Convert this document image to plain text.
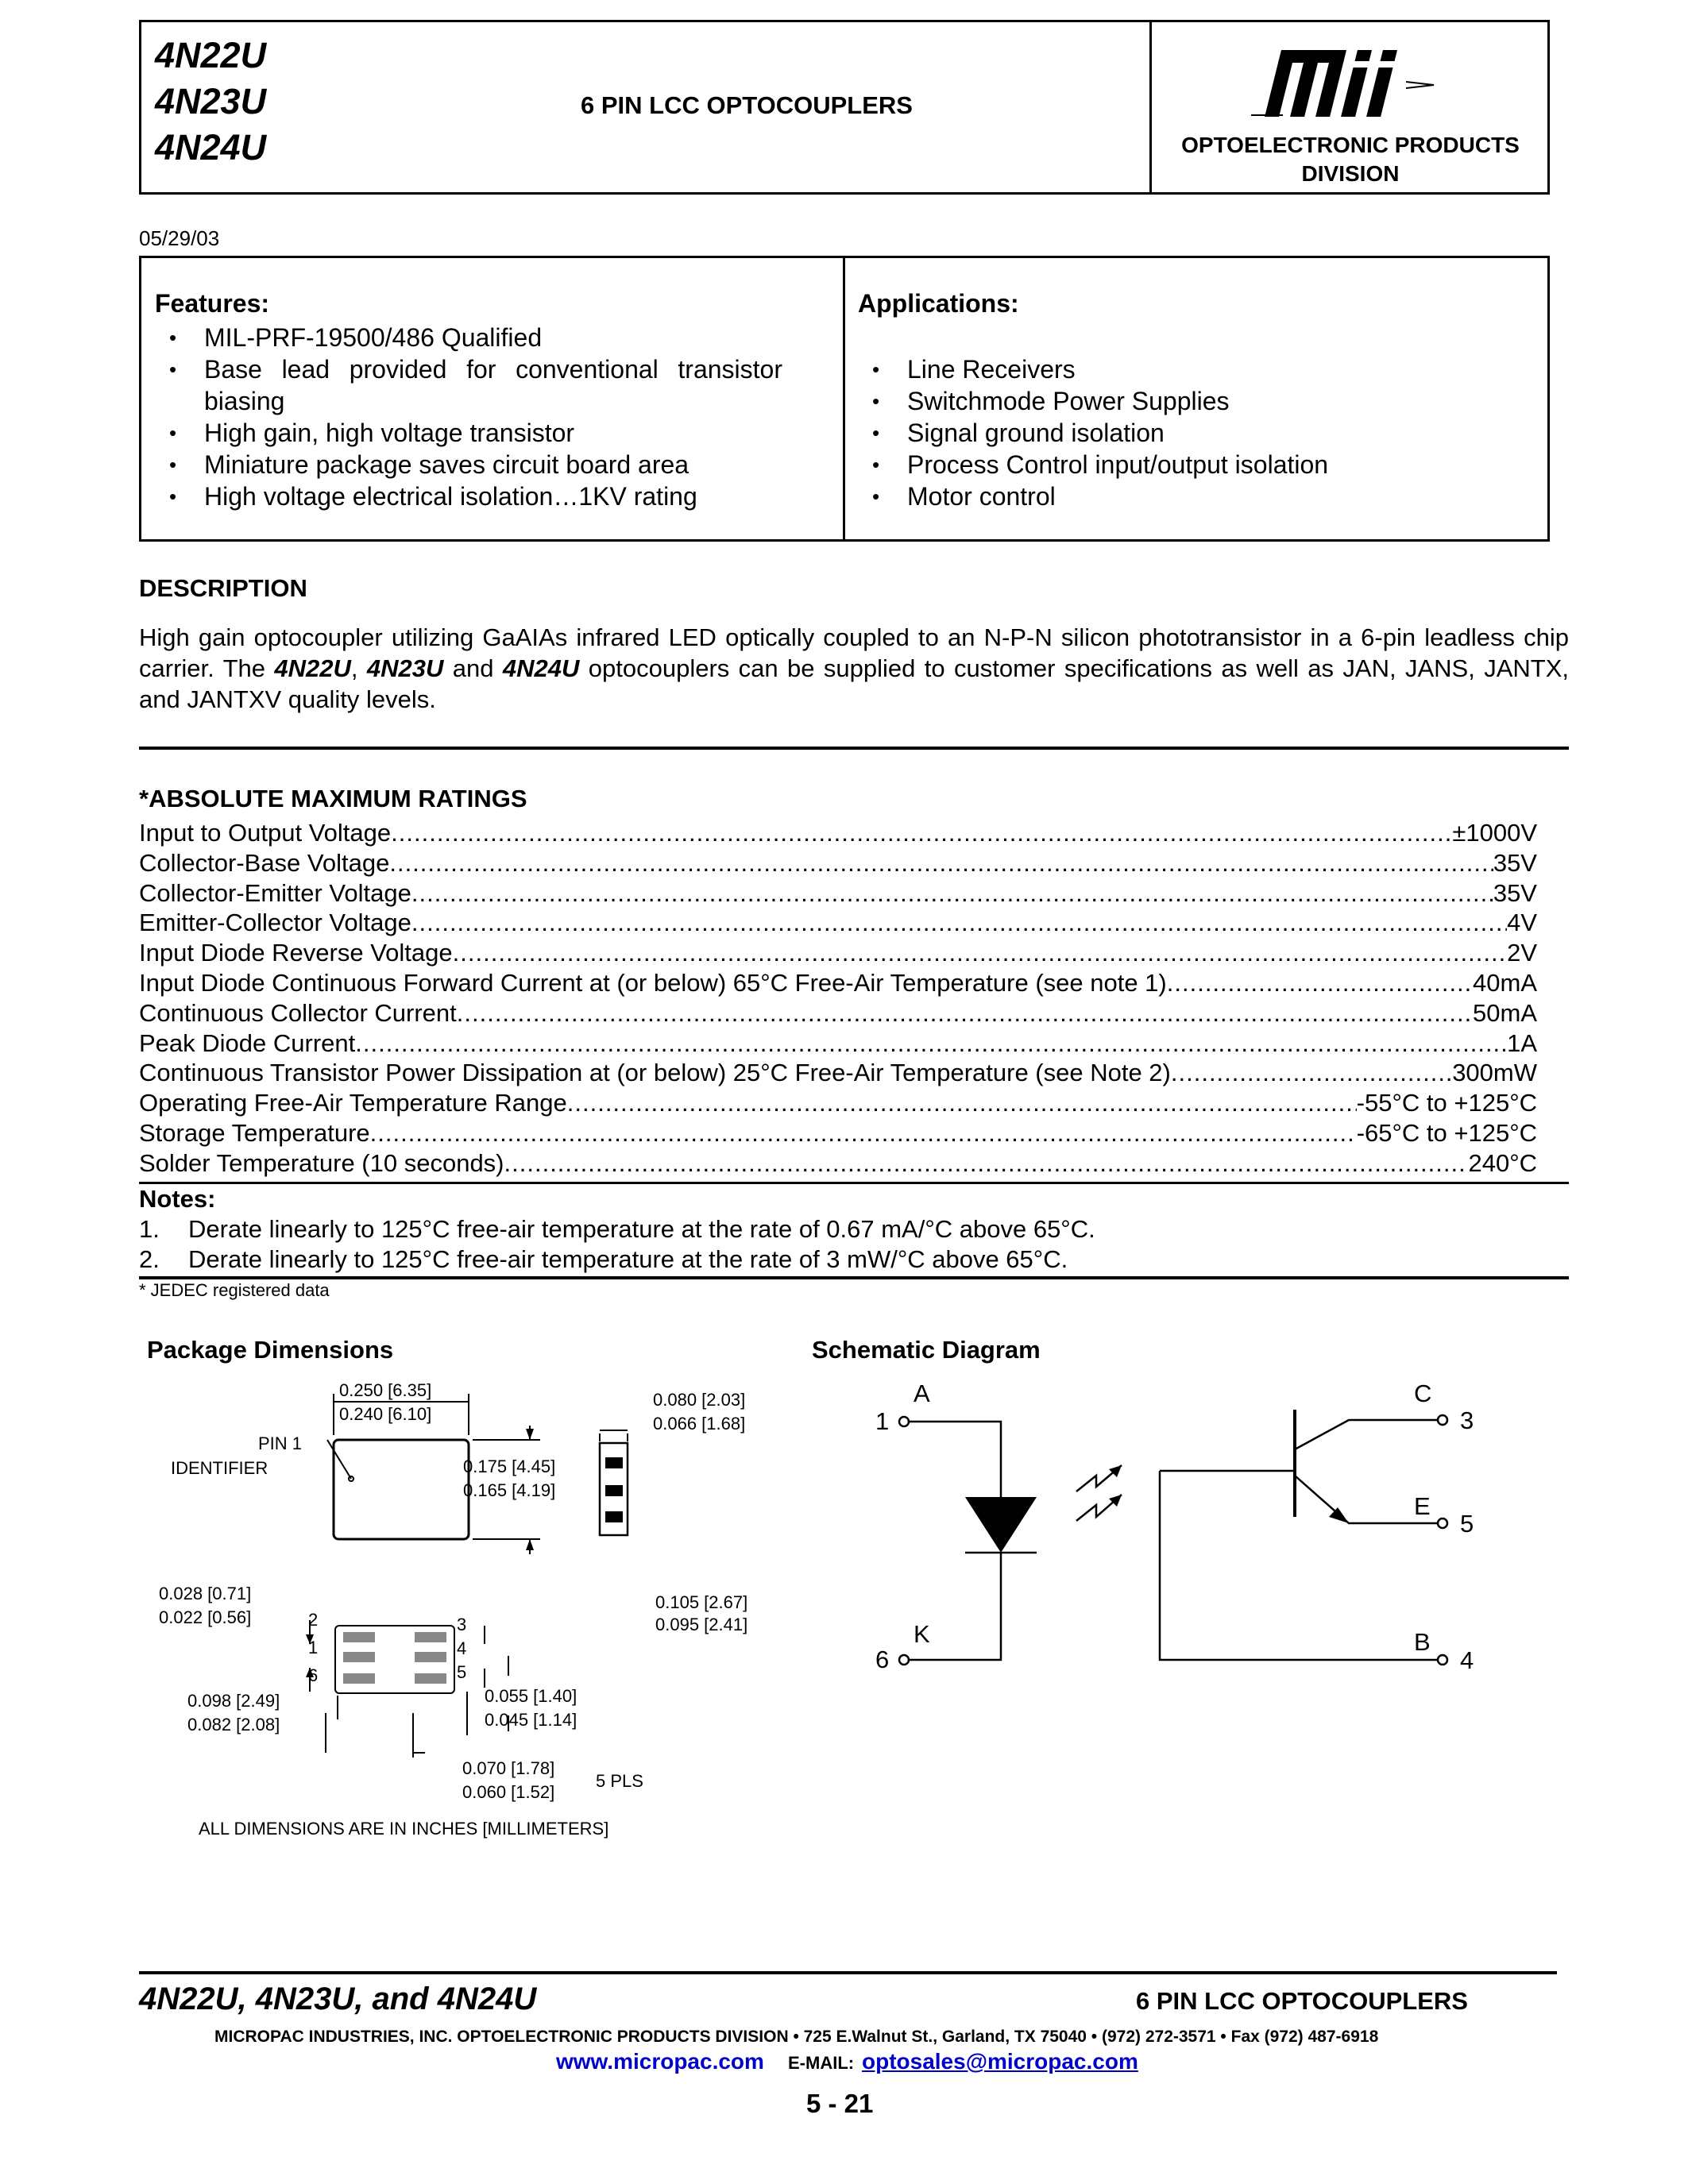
4N22U
4N23U
4N24U
6 PIN LCC OPTOCOUPLERS
OPTOELECTRONIC PRODUCTS
DIVISION
05/29/03
Features:
• MIL-PRF-19500/486 Qualified
• Base lead provided for conventional transistor biasing
• High gain, high voltage transistor
• Miniature package saves circuit board area
• High voltage electrical isolation…1KV rating
Applications:
• Line Receivers
• Switchmode Power Supplies
• Signal ground isolation
• Process Control input/output isolation
• Motor control
DESCRIPTION
High gain optocoupler utilizing GaAIAs infrared LED optically coupled to an N-P-N silicon phototransistor in a 6-pin leadless chip carrier. The 4N22U, 4N23U and 4N24U optocouplers can be supplied to customer specifications as well as JAN, JANS, JANTX, and JANTXV quality levels.
*ABSOLUTE MAXIMUM RATINGS
Input to Output Voltage .....	±1000V
Collector-Base Voltage .....	35V
Collector-Emitter Voltage .....	35V
Emitter-Collector Voltage .....	4V
Input Diode Reverse Voltage .....	2V
Input Diode Continuous Forward Current at (or below) 65°C Free-Air Temperature (see note 1) .....	40mA
Continuous Collector Current .....	50mA
Peak Diode Current .....	1A
Continuous Transistor Power Dissipation at (or below) 25°C Free-Air Temperature (see Note 2) .....	300mW
Operating Free-Air Temperature Range .....	-55°C to +125°C
Storage Temperature .....	-65°C to +125°C
Solder Temperature (10 seconds) .....	240°C
Notes:
1. Derate linearly to 125°C free-air temperature at the rate of 0.67 mA/°C above 65°C.
2. Derate linearly to 125°C free-air temperature at the rate of 3 mW/°C above 65°C.
* JEDEC registered data
Package Dimensions
0.250 [6.35]
0.240 [6.10]
0.175 [4.45]
0.165 [4.19]
0.080 [2.03]
0.066 [1.68]
PIN 1
IDENTIFIER
0.028 [0.71]
0.022 [0.56]
0.105 [2.67]
0.095 [2.41]
0.098 [2.49]
0.082 [2.08]
0.055 [1.40]
0.045 [1.14]
0.070 [1.78]
0.060 [1.52]
5 PLS
2
1
6
3
4
5
ALL DIMENSIONS ARE IN INCHES [MILLIMETERS]
Schematic Diagram
1
A
6
K
C
3
E
5
B
4
4N22U, 4N23U, and 4N24U	6 PIN LCC OPTOCOUPLERS
MICROPAC INDUSTRIES, INC. OPTOELECTRONIC PRODUCTS DIVISION • 725 E.Walnut St., Garland, TX 75040 • (972) 272-3571 • Fax (972) 487-6918
www.micropac.com E-MAIL: optosales@micropac.com
5 - 21
